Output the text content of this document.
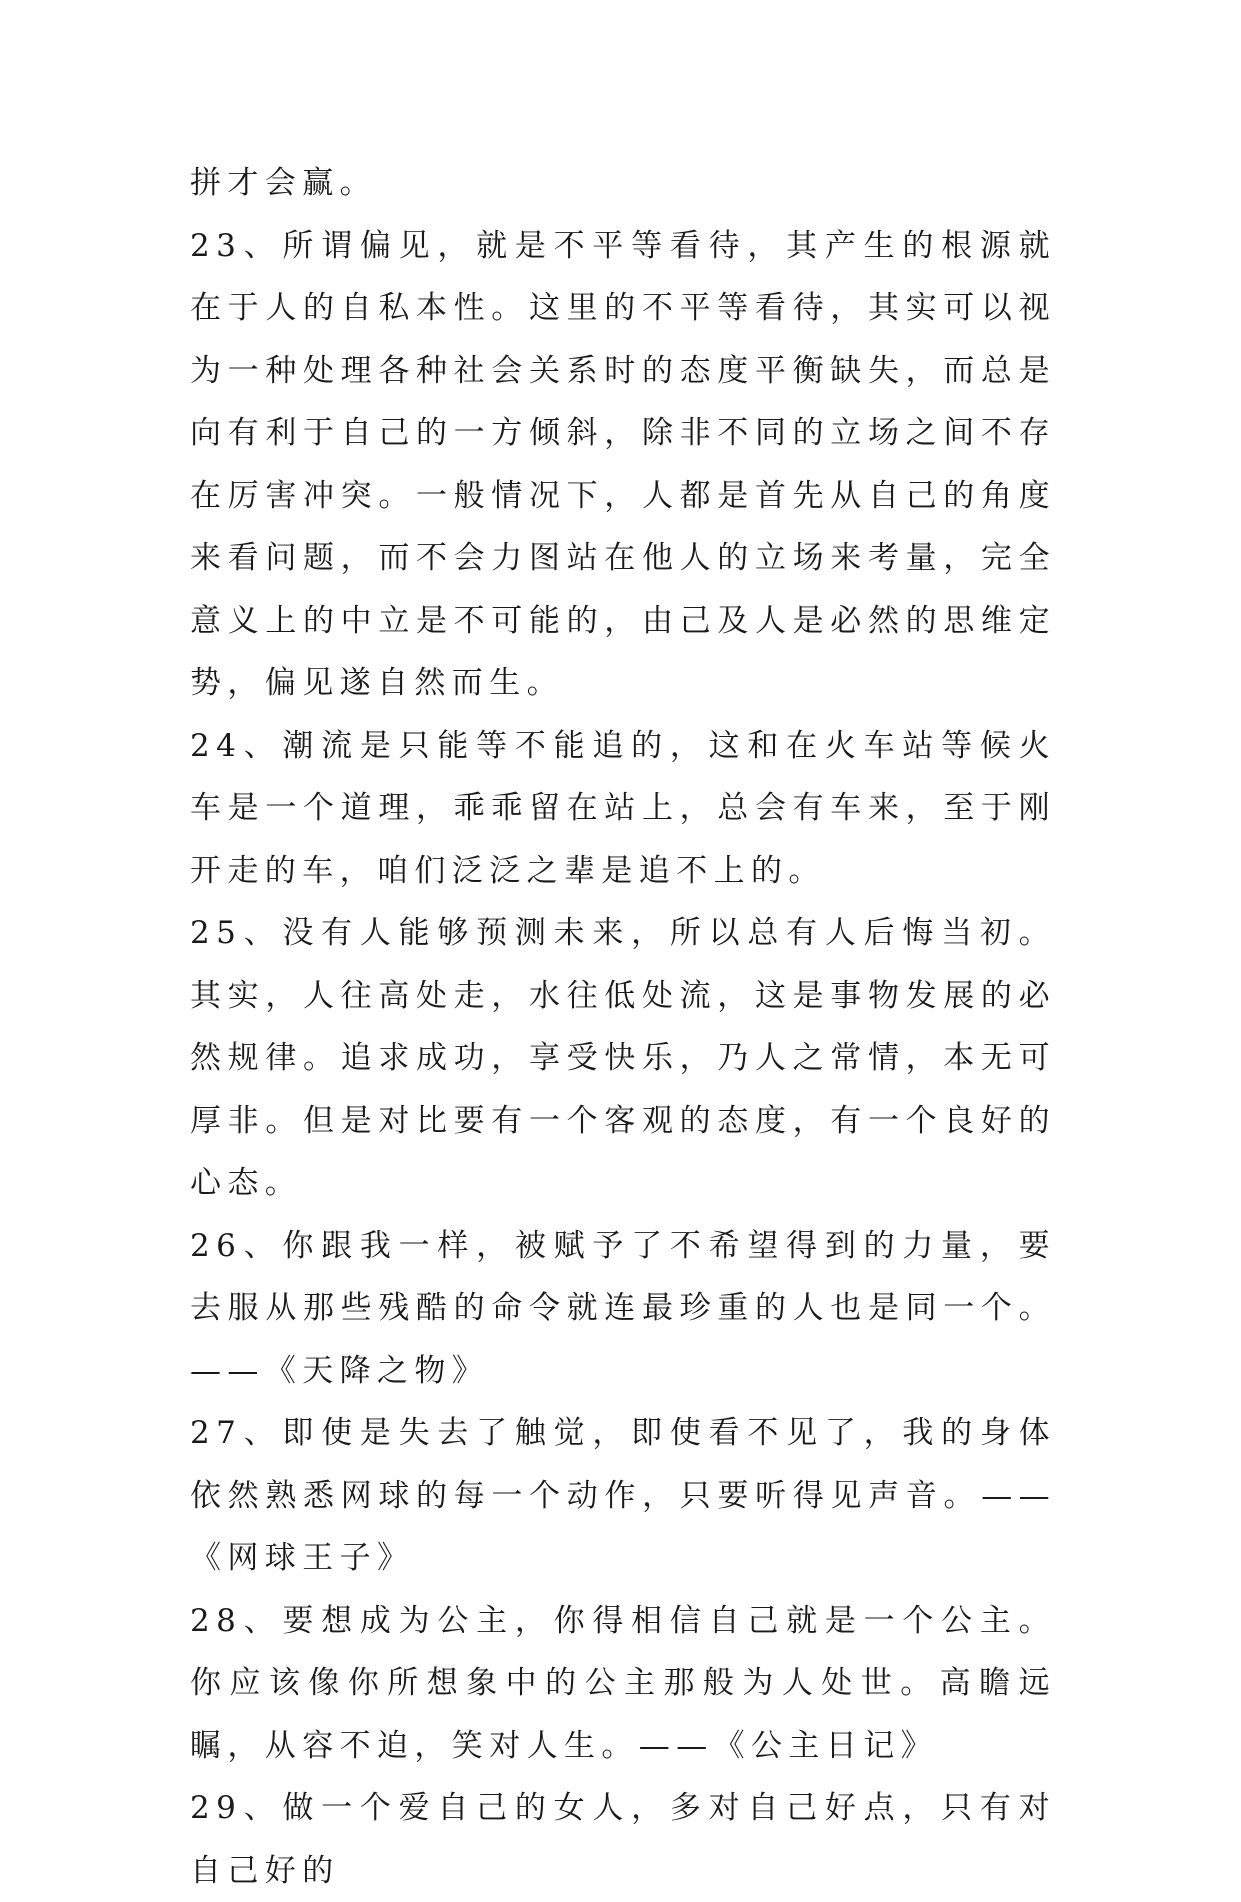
拼才会赢。

23、所谓偏见，就是不平等看待，其产生的根源就在于人的自私本性。这里的不平等看待，其实可以视为一种处理各种社会关系时的态度平衡缺失，而总是向有利于自己的一方倾斜，除非不同的立场之间不存在厉害冲突。一般情况下，人都是首先从自己的角度来看问题，而不会力图站在他人的立场来考量，完全意义上的中立是不可能的，由己及人是必然的思维定势，偏见遂自然而生。

24、潮流是只能等不能追的，这和在火车站等候火车是一个道理，乖乖留在站上，总会有车来，至于刚开走的车，咱们泛泛之辈是追不上的。

25、没有人能够预测未来，所以总有人后悔当初。其实，人往高处走，水往低处流，这是事物发展的必然规律。追求成功，享受快乐，乃人之常情，本无可厚非。但是对比要有一个客观的态度，有一个良好的心态。

26、你跟我一样，被赋予了不希望得到的力量，要去服从那些残酷的命令就连最珍重的人也是同一个。——《天降之物》

27、即使是失去了触觉，即使看不见了，我的身体依然熟悉网球的每一个动作，只要听得见声音。——《网球王子》

28、要想成为公主，你得相信自己就是一个公主。你应该像你所想象中的公主那般为人处世。高瞻远瞩，从容不迫，笑对人生。——《公主日记》

29、做一个爱自己的女人，多对自己好点，只有对自己好的
